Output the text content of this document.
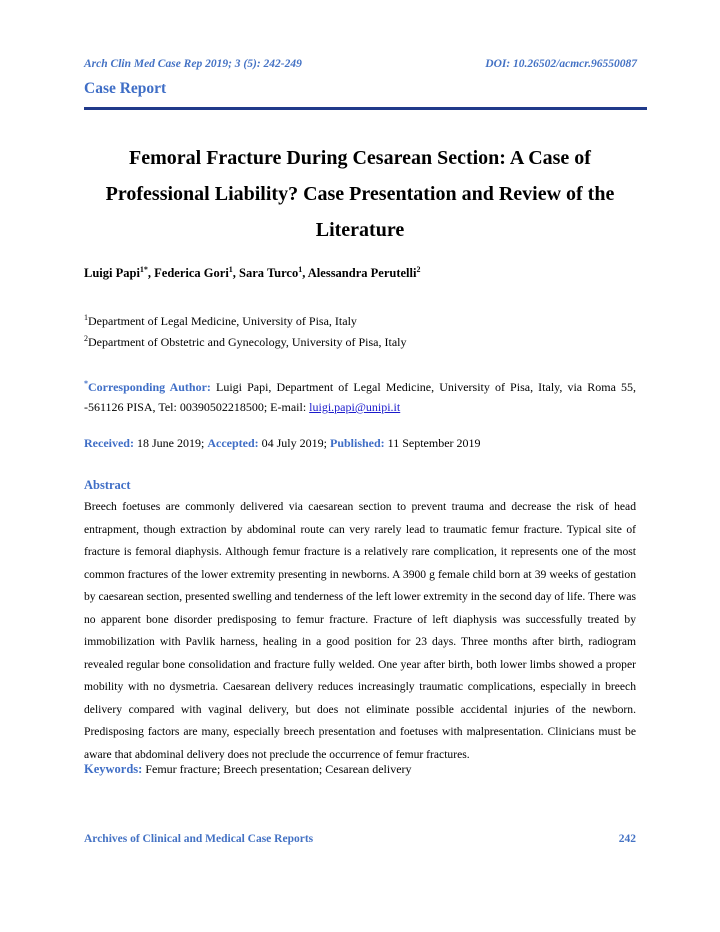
Arch Clin Med Case Rep 2019; 3 (5): 242-249	DOI: 10.26502/acmcr.96550087
Case Report
Femoral Fracture During Cesarean Section: A Case of Professional Liability? Case Presentation and Review of the Literature
Luigi Papi$^{1*}$, Federica Gori$^1$, Sara Turco$^1$, Alessandra Perutelli$^2$
$^1$Department of Legal Medicine, University of Pisa, Italy
$^2$Department of Obstetric and Gynecology, University of Pisa, Italy
*Corresponding Author: Luigi Papi, Department of Legal Medicine, University of Pisa, Italy, via Roma 55, -561126 PISA, Tel: 00390502218500; E-mail: luigi.papi@unipi.it
Received: 18 June 2019; Accepted: 04 July 2019; Published: 11 September 2019
Abstract
Breech foetuses are commonly delivered via caesarean section to prevent trauma and decrease the risk of head entrapment, though extraction by abdominal route can very rarely lead to traumatic femur fracture. Typical site of fracture is femoral diaphysis. Although femur fracture is a relatively rare complication, it represents one of the most common fractures of the lower extremity presenting in newborns. A 3900 g female child born at 39 weeks of gestation by caesarean section, presented swelling and tenderness of the left lower extremity in the second day of life. There was no apparent bone disorder predisposing to femur fracture. Fracture of left diaphysis was successfully treated by immobilization with Pavlik harness, healing in a good position for 23 days. Three months after birth, radiogram revealed regular bone consolidation and fracture fully welded. One year after birth, both lower limbs showed a proper mobility with no dysmetria. Caesarean delivery reduces increasingly traumatic complications, especially in breech delivery compared with vaginal delivery, but does not eliminate possible accidental injuries of the newborn. Predisposing factors are many, especially breech presentation and foetuses with malpresentation. Clinicians must be aware that abdominal delivery does not preclude the occurrence of femur fractures.
Keywords: Femur fracture; Breech presentation; Cesarean delivery
Archives of Clinical and Medical Case Reports	242
